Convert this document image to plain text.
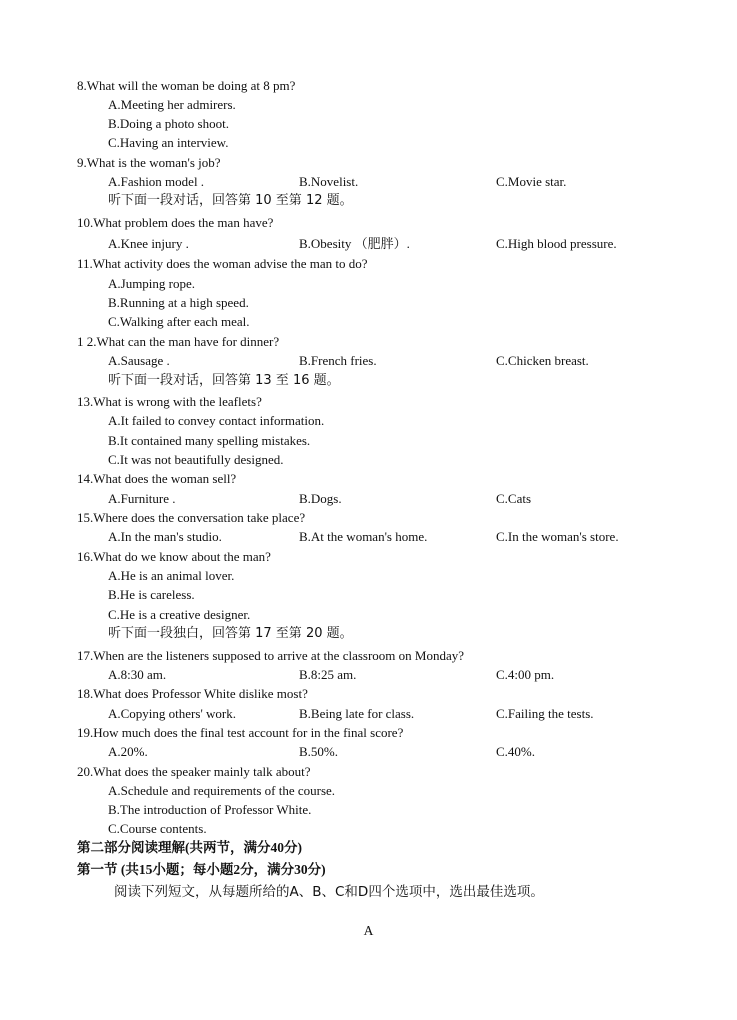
8.What will the woman be doing at 8 pm?
A.Meeting her admirers.
B.Doing a photo shoot.
C.Having an interview.
9.What is the woman's job?
A.Fashion model .	B.Novelist.	C.Movie star.
听下面一段对话，回答第 10 至第 12 题。
10.What problem does the man have?
A.Knee injury .	B.Obesity （肥胖）.	C.High blood pressure.
11.What activity does the woman advise the man to do?
A.Jumping rope.
B.Running at a high speed.
C.Walking after each meal.
1 2.What can the man have for dinner?
A.Sausage .	B.French fries.	C.Chicken breast.
听下面一段对话，回答第 13 至 16 题。
13.What is wrong with the leaflets?
A.It failed to convey contact information.
B.It contained many spelling mistakes.
C.It was not beautifully designed.
14.What does the woman sell?
A.Furniture .	B.Dogs.	C.Cats
15.Where does the conversation take place?
A.In the man's studio.	B.At the woman's home.	C.In the woman's store.
16.What do we know about the man?
A.He is an animal lover.
B.He is careless.
C.He is a creative designer.
听下面一段独白，回答第 17 至第 20 题。
17.When are the listeners supposed to arrive at the classroom on Monday?
A.8:30 am.	B.8:25 am.	C.4:00 pm.
18.What does Professor White dislike most?
A.Copying others' work.	B.Being late for class.	C.Failing the tests.
19.How much does the final test account for in the final score?
A.20%.	B.50%.	C.40%.
20.What does the speaker mainly talk about?
A.Schedule and requirements of the course.
B.The introduction of Professor White.
C.Course contents.
第二部分阅读理解(共两节，满分40分)
第一节 (共15小题；每小题2分，满分30分)
阅读下列短文，从每题所给的A、B、C和D四个选项中，选出最佳选项。
A
